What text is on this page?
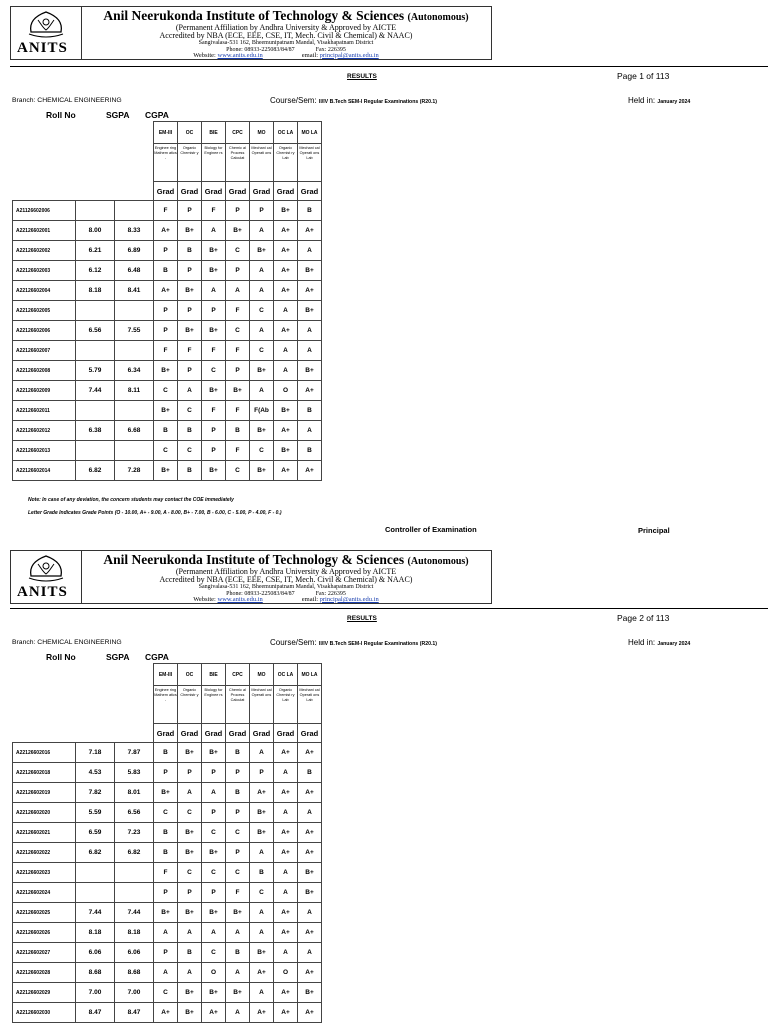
ANITS
Anil Neerukonda Institute of Technology & Sciences (Autonomous)
(Permanent Affiliation by Andhra University & Approved by AICTE
Accredited by NBA (ECE, EEE, CSE, IT, Mech. Civil & Chemical) & NAAC)
Sangivalasa-531 162, Bheemunipatnam Mandal, Visakhapatnam District
Phone: 08933-225083/84/87	Fax: 226395
Website: www.anits.edu.in	email: principal@anits.edu.in
RESULTS	Page 1 of 113
Branch: CHEMICAL ENGINEERING	Course/Sem: II/IV B.Tech SEM-I Regular Examinations (R20.1)	Held in: January 2024
Roll No	SGPA CGPA
			EM-III	OC	BIE	CPC	MO	OC LA	MO LA
			Enginee ring Mathem atics -	Organic Chemistr y	Biology for Enginee rs	Chemic al Process Calculat	Mechani cal Operati ons	Organic Chemist ry Lab	Mechani cal Operati ons Lab
			Grad	Grad	Grad	Grad	Grad	Grad	Grad
A21126602006			F	P	F	P	P	B+	B
A22126602001	8.00	8.33	A+	B+	A	B+	A	A+	A+
A22126602002	6.21	6.89	P	B	B+	C	B+	A+	A
A22126602003	6.12	6.48	B	P	B+	P	A	A+	B+
A22126602004	8.18	8.41	A+	B+	A	A	A	A+	A+
A22126602005			P	P	P	F	C	A	B+
A22126602006	6.56	7.55	P	B+	B+	C	A	A+	A
A22126602007			F	F	F	F	C	A	A
A22126602008	5.79	6.34	B+	P	C	P	B+	A	B+
A22126602009	7.44	8.11	C	A	B+	B+	A	O	A+
A22126602011			B+	C	F	F	F(Ab	B+	B
A22126602012	6.38	6.68	B	B	P	B	B+	A+	A
A22126602013			C	C	P	F	C	B+	B
A22126602014	6.82	7.28	B+	B	B+	C	B+	A+	A+
Note: In case of any deviation, the concern students may contact the COE immediately
Letter Grade Indicates Grade Points (O - 10.00, A+ - 9.00, A - 8.00, B+ - 7.00, B - 6.00, C - 5.00, P - 4.00, F - 0.)
Controller of Examination	Principal
ANITS
Anil Neerukonda Institute of Technology & Sciences (Autonomous)
(Permanent Affiliation by Andhra University & Approved by AICTE
Accredited by NBA (ECE, EEE, CSE, IT, Mech. Civil & Chemical) & NAAC)
Sangivalasa-531 162, Bheemunipatnam Mandal, Visakhapatnam District
Phone: 08933-225083/84/87	Fax: 226395
Website: www.anits.edu.in	email: principal@anits.edu.in
RESULTS	Page 2 of 113
Branch: CHEMICAL ENGINEERING	Course/Sem: II/IV B.Tech SEM-I Regular Examinations (R20.1)	Held in: January 2024
Roll No	SGPA CGPA
			EM-III	OC	BIE	CPC	MO	OC LA	MO LA
			Enginee ring Mathem atics -	Organic Chemistr y	Biology for Enginee rs	Chemic al Process Calculat	Mechani cal Operati ons	Organic Chemist ry Lab	Mechani cal Operati ons Lab
			Grad	Grad	Grad	Grad	Grad	Grad	Grad
A22126602016	7.18	7.87	B	B+	B+	B	A	A+	A+
A22126602018	4.53	5.83	P	P	P	P	P	A	B
A22126602019	7.82	8.01	B+	A	A	B	A+	A+	A+
A22126602020	5.59	6.56	C	C	P	P	B+	A	A
A22126602021	6.59	7.23	B	B+	C	C	B+	A+	A+
A22126602022	6.82	6.82	B	B+	B+	P	A	A+	A+
A22126602023			F	C	C	C	B	A	B+
A22126602024			P	P	P	F	C	A	B+
A22126602025	7.44	7.44	B+	B+	B+	B+	A	A+	A
A22126602026	8.18	8.18	A	A	A	A	A	A+	A+
A22126602027	6.06	6.06	P	B	C	B	B+	A	A
A22126602028	8.68	8.68	A	A	O	A	A+	O	A+
A22126602029	7.00	7.00	C	B+	B+	B+	A	A+	B+
A22126602030	8.47	8.47	A+	B+	A+	A	A+	A+	A+
